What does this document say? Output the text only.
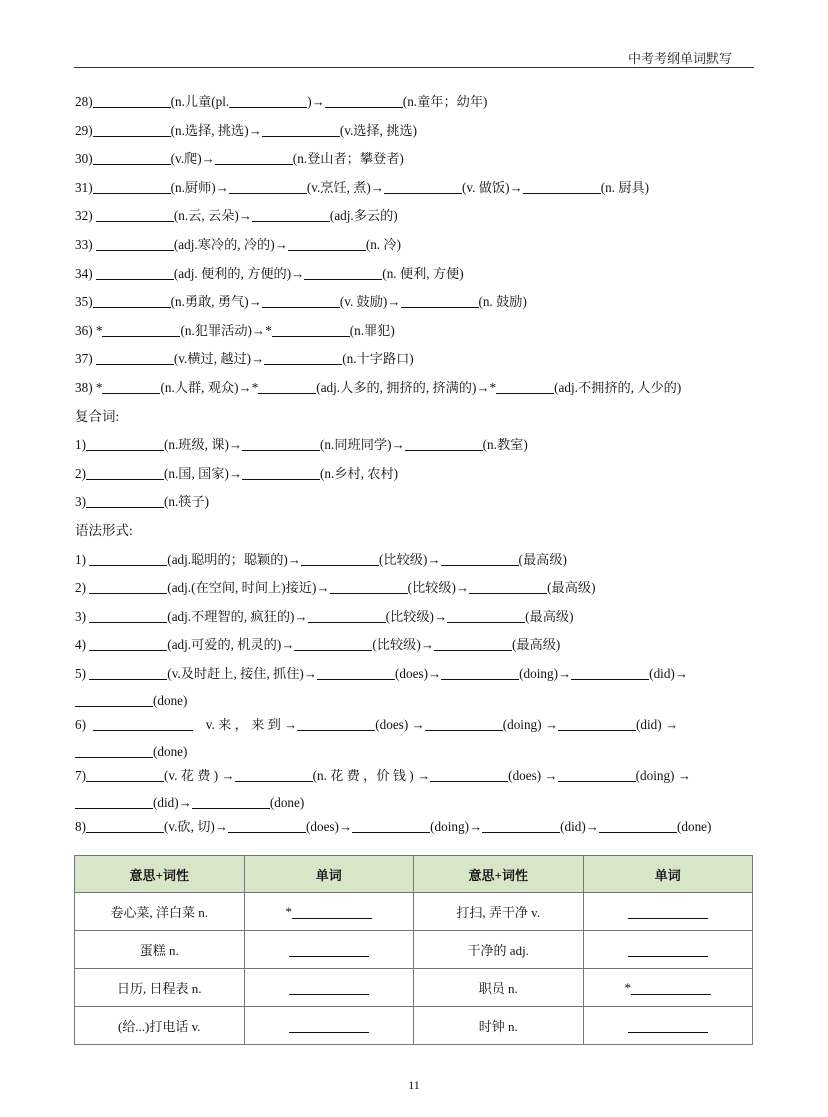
中考考纲单词默写
28)	(n.儿童(pl.	)→	(n.童年；幼年)
29)	(n.选择, 挑选)→	(v.选择, 挑选)
30)	(v.爬)→	(n.登山者；攀登者)
31)	(n.厨师)→	(v.烹饪, 煮)→	(v. 做饭)→	(n. 厨具)
32)	(n.云, 云朵)→	(adj.多云的)
33)	(adj.寒冷的, 冷的)→	(n. 冷)
34)	(adj. 便利的, 方便的)→	(n. 便利, 方便)
35)	(n.勇敢, 勇气)→	(v. 鼓励)→	(n. 鼓励)
36) *	(n.犯罪活动)→*	(n.罪犯)
37)	(v.横过, 越过)→	(n.十字路口)
38) *	(n.人群, 观众)→*	(adj.人多的, 拥挤的, 挤满的)→*	(adj.不拥挤的, 人少的)
复合词:
1)	(n.班级, 课)→	(n.同班同学)→	(n.教室)
2)	(n.国, 国家)→	(n.乡村, 农村)
3)	(n.筷子)
语法形式:
1)	(adj.聪明的；聪颖的)→	(比较级)→	(最高级)
2)	(adj.(在空间, 时间上)接近)→	(比较级)→	(最高级)
3)	(adj.不理智的, 疯狂的)→	(比较级)→	(最高级)
4)	(adj.可爱的, 机灵的)→	(比较级)→	(最高级)
5)	(v.及时赶上, 接住, 抓住)→	(does)→	(doing)→	(did)→
(done)
6)	v. 来 ， 来 到 →	(does) →	(doing) →	(did) →
(done)
7)	(v. 花 费 ) →	(n. 花 费 ，价 钱 ) →	(does) →	(doing) →
(did)→	(done)
8)	(v.砍, 切)→	(does)→	(doing)→	(did)→	(done)
意思+词性	单词	意思+词性	单词
卷心菜, 洋白菜 n.	*	打扫, 弄干净 v.	
蛋糕 n.		干净的 adj.	
日历, 日程表 n.		职员 n.	*
(给...)打电话 v.		时钟 n.	
11
